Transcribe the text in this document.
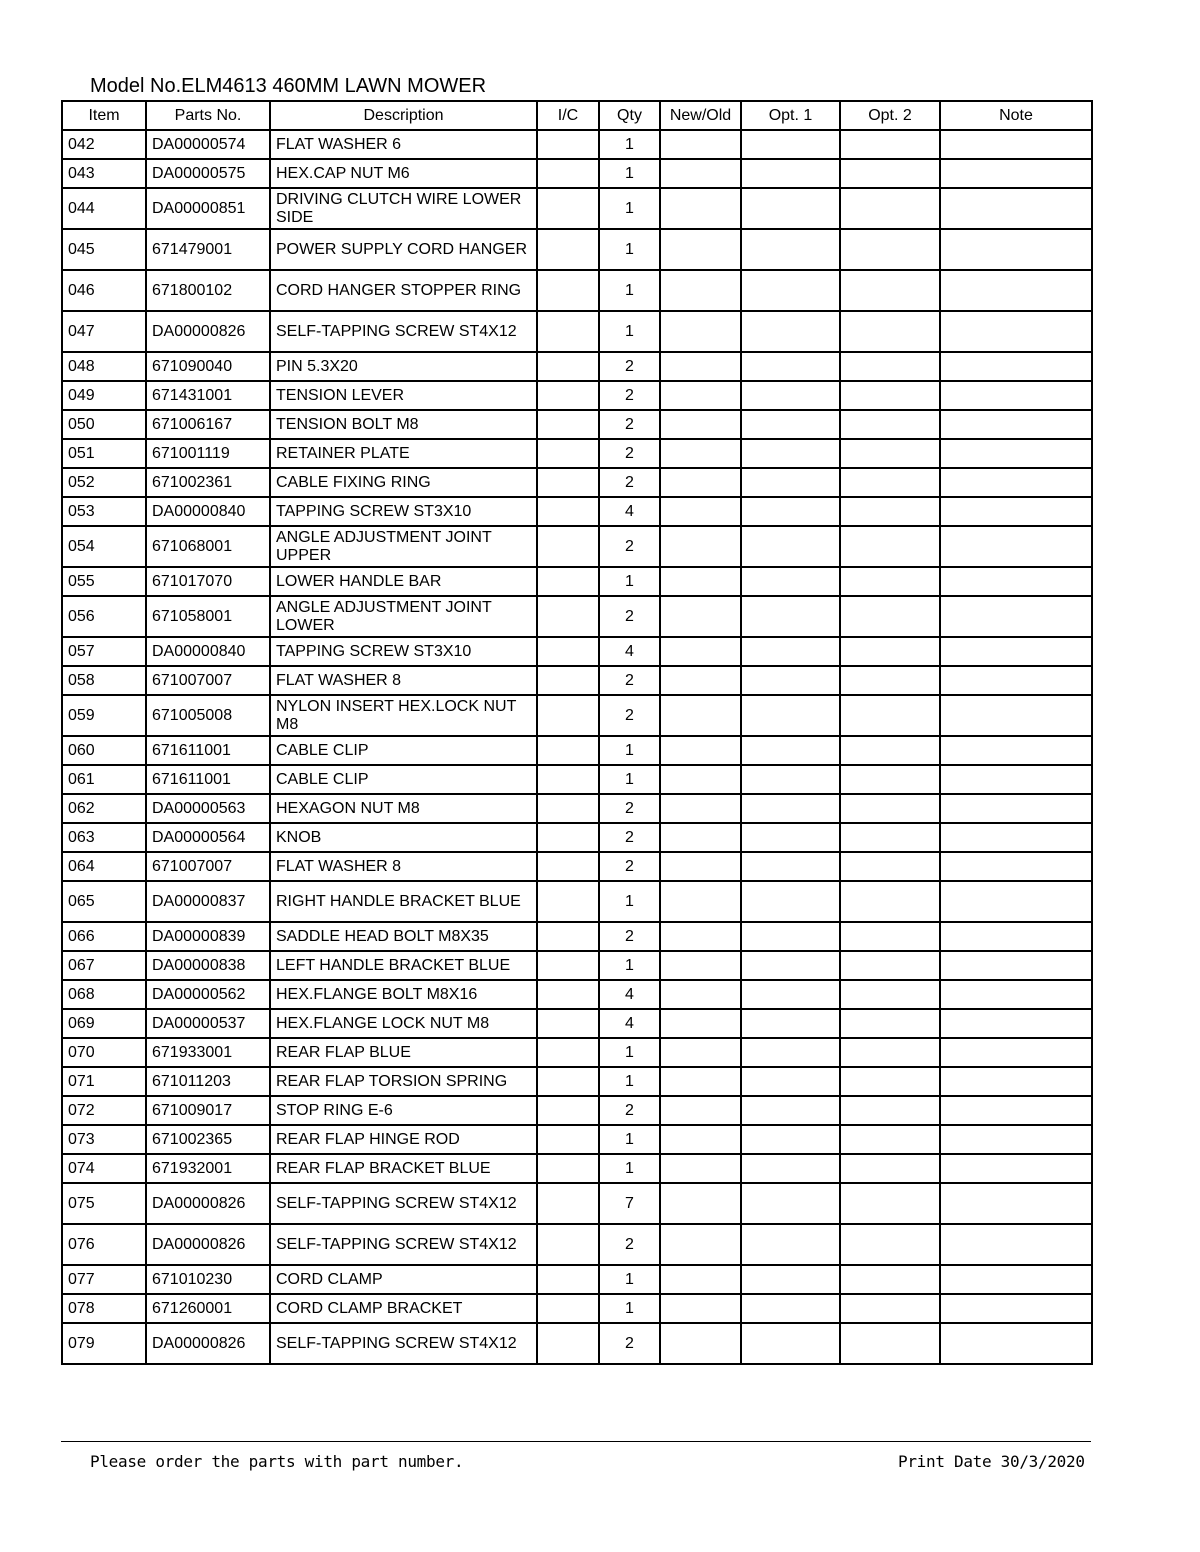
Model No.ELM4613 460MM LAWN MOWER
Item	Parts No.	Description	I/C	Qty	New/Old	Opt. 1	Opt. 2	Note
042	DA00000574	FLAT WASHER 6		1				
043	DA00000575	HEX.CAP NUT M6		1				
044	DA00000851	DRIVING CLUTCH WIRE LOWER SIDE		1				
045	671479001	POWER SUPPLY CORD HANGER		1				
046	671800102	CORD HANGER STOPPER RING		1				
047	DA00000826	SELF-TAPPING SCREW ST4X12		1				
048	671090040	PIN 5.3X20		2				
049	671431001	TENSION LEVER		2				
050	671006167	TENSION BOLT M8		2				
051	671001119	RETAINER PLATE		2				
052	671002361	CABLE FIXING RING		2				
053	DA00000840	TAPPING SCREW ST3X10		4				
054	671068001	ANGLE ADJUSTMENT JOINT UPPER		2				
055	671017070	LOWER HANDLE BAR		1				
056	671058001	ANGLE ADJUSTMENT JOINT LOWER		2				
057	DA00000840	TAPPING SCREW ST3X10		4				
058	671007007	FLAT WASHER 8		2				
059	671005008	NYLON INSERT HEX.LOCK NUT M8		2				
060	671611001	CABLE CLIP		1				
061	671611001	CABLE CLIP		1				
062	DA00000563	HEXAGON NUT M8		2				
063	DA00000564	KNOB		2				
064	671007007	FLAT WASHER 8		2				
065	DA00000837	RIGHT HANDLE BRACKET BLUE		1				
066	DA00000839	SADDLE HEAD BOLT M8X35		2				
067	DA00000838	LEFT HANDLE BRACKET BLUE		1				
068	DA00000562	HEX.FLANGE BOLT M8X16		4				
069	DA00000537	HEX.FLANGE LOCK NUT M8		4				
070	671933001	REAR FLAP BLUE		1				
071	671011203	REAR FLAP TORSION SPRING		1				
072	671009017	STOP RING E-6		2				
073	671002365	REAR FLAP HINGE ROD		1				
074	671932001	REAR FLAP BRACKET BLUE		1				
075	DA00000826	SELF-TAPPING SCREW ST4X12		7				
076	DA00000826	SELF-TAPPING SCREW ST4X12		2				
077	671010230	CORD CLAMP		1				
078	671260001	CORD CLAMP BRACKET		1				
079	DA00000826	SELF-TAPPING SCREW ST4X12		2				
Please order the parts with part number.	Print Date 30/3/2020
